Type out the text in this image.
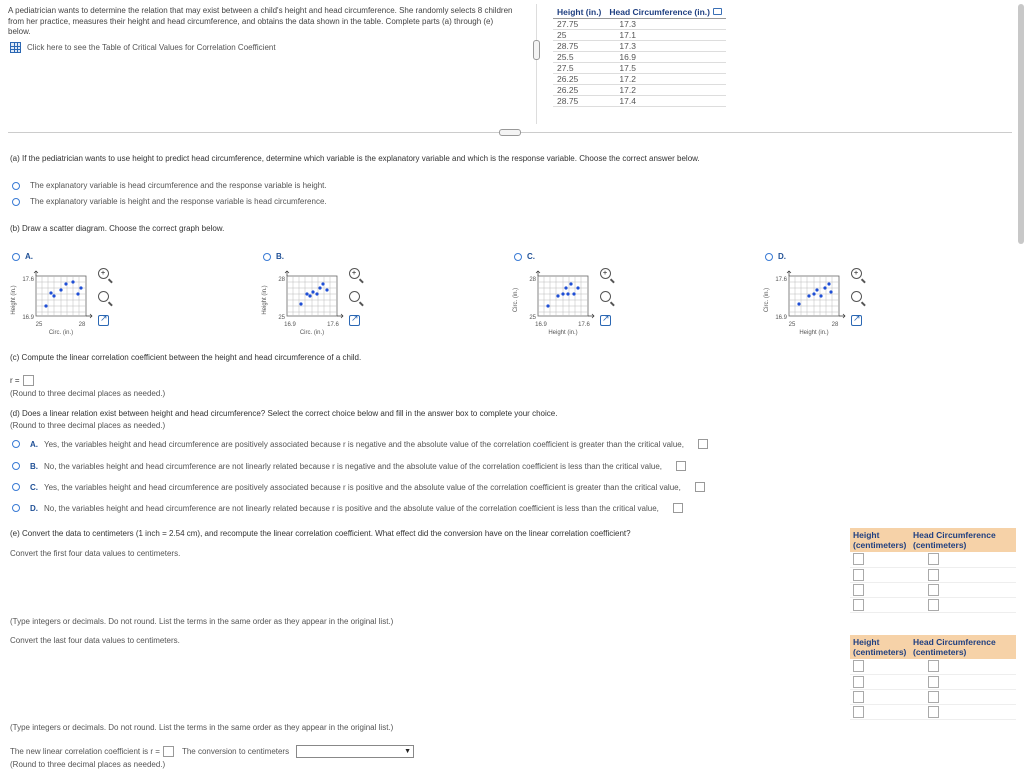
A pediatrician wants to determine the relation that may exist between a child's height and head circumference. She randomly selects 8 children from her practice, measures their height and head circumference, and obtains the data shown in the table. Complete parts (a) through (e) below.
Click here to see the Table of Critical Values for Correlation Coefficient
Height (in.)	Head Circumference (in.)
27.75	17.3
25	17.1
28.75	17.3
25.5	16.9
27.5	17.5
26.25	17.2
26.25	17.2
28.75	17.4
(a) If the pediatrician wants to use height to predict head circumference, determine which variable is the explanatory variable and which is the response variable. Choose the correct answer below.
The explanatory variable is head circumference and the response variable is height.
The explanatory variable is height and the response variable is head circumference.
(b) Draw a scatter diagram. Choose the correct graph below.
A.
Height (in.)
17.6
16.9
25	28
Circ. (in.)
+
↗
B.
Height (in.)
28
25
16.9	17.6
Circ. (in.)
+
↗
C.
Circ. (in.)
28
25
16.9	17.6
Height (in.)
+
↗
D.
Circ. (in.)
17.6
16.9
25	28
Height (in.)
+
↗
(c) Compute the linear correlation coefficient between the height and head circumference of a child.
r =
(Round to three decimal places as needed.)
(d) Does a linear relation exist between height and head circumference? Select the correct choice below and fill in the answer box to complete your choice.
(Round to three decimal places as needed.)
A. Yes, the variables height and head circumference are positively associated because r is negative and the absolute value of the correlation coefficient is greater than the critical value,
B. No, the variables height and head circumference are not linearly related because r is negative and the absolute value of the correlation coefficient is less than the critical value,
C. Yes, the variables height and head circumference are positively associated because r is positive and the absolute value of the correlation coefficient is greater than the critical value,
D. No, the variables height and head circumference are not linearly related because r is positive and the absolute value of the correlation coefficient is less than the critical value,
(e) Convert the data to centimeters (1 inch = 2.54 cm), and recompute the linear correlation coefficient. What effect did the conversion have on the linear correlation coefficient?
Convert the first four data values to centimeters.
Height (centimeters)	Head Circumference (centimeters)

(Type integers or decimals. Do not round. List the terms in the same order as they appear in the original list.)
Convert the last four data values to centimeters.	Height (centimeters)	Head Circumference (centimeters)

(Type integers or decimals. Do not round. List the terms in the same order as they appear in the original list.)
The new linear correlation coefficient is r =	The conversion to centimeters	▼
(Round to three decimal places as needed.)
